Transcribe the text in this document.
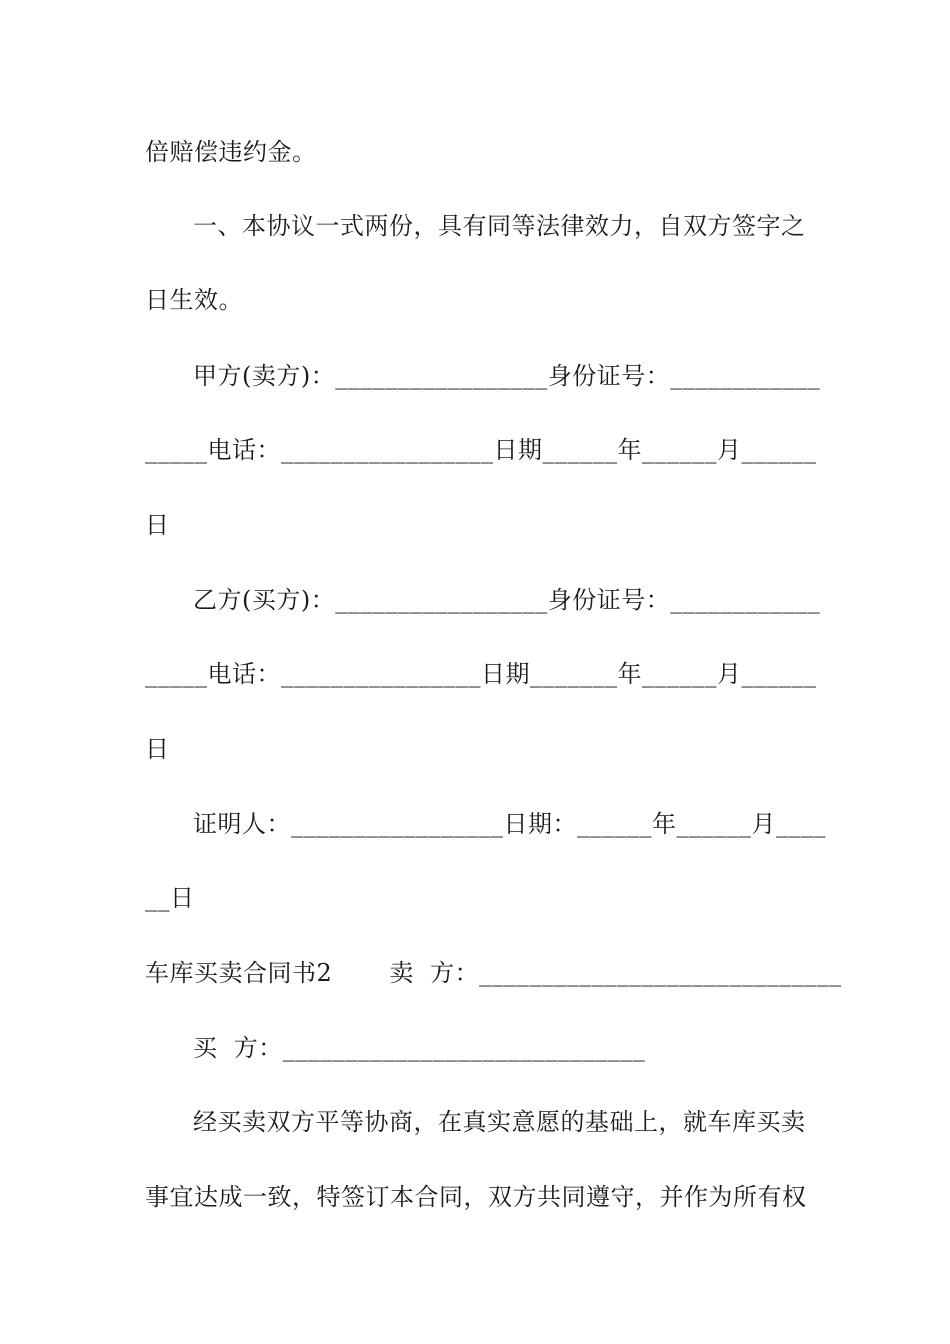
倍赔偿违约金。
一、本协议一式两份，具有同等法律效力，自双方签字之
日生效。
甲方(卖方)：_________________身份证号：____________
_____电话：_________________日期______年______月______
日
乙方(买方)：_________________身份证号：____________
_____电话：________________日期_______年______月______
日
证明人：_________________日期：______年______月____
__日
车库买卖合同书2　　 卖  方：_____________________________
买  方：_____________________________
经买卖双方平等协商，在真实意愿的基础上，就车库买卖
事宜达成一致，特签订本合同，双方共同遵守，并作为所有权
